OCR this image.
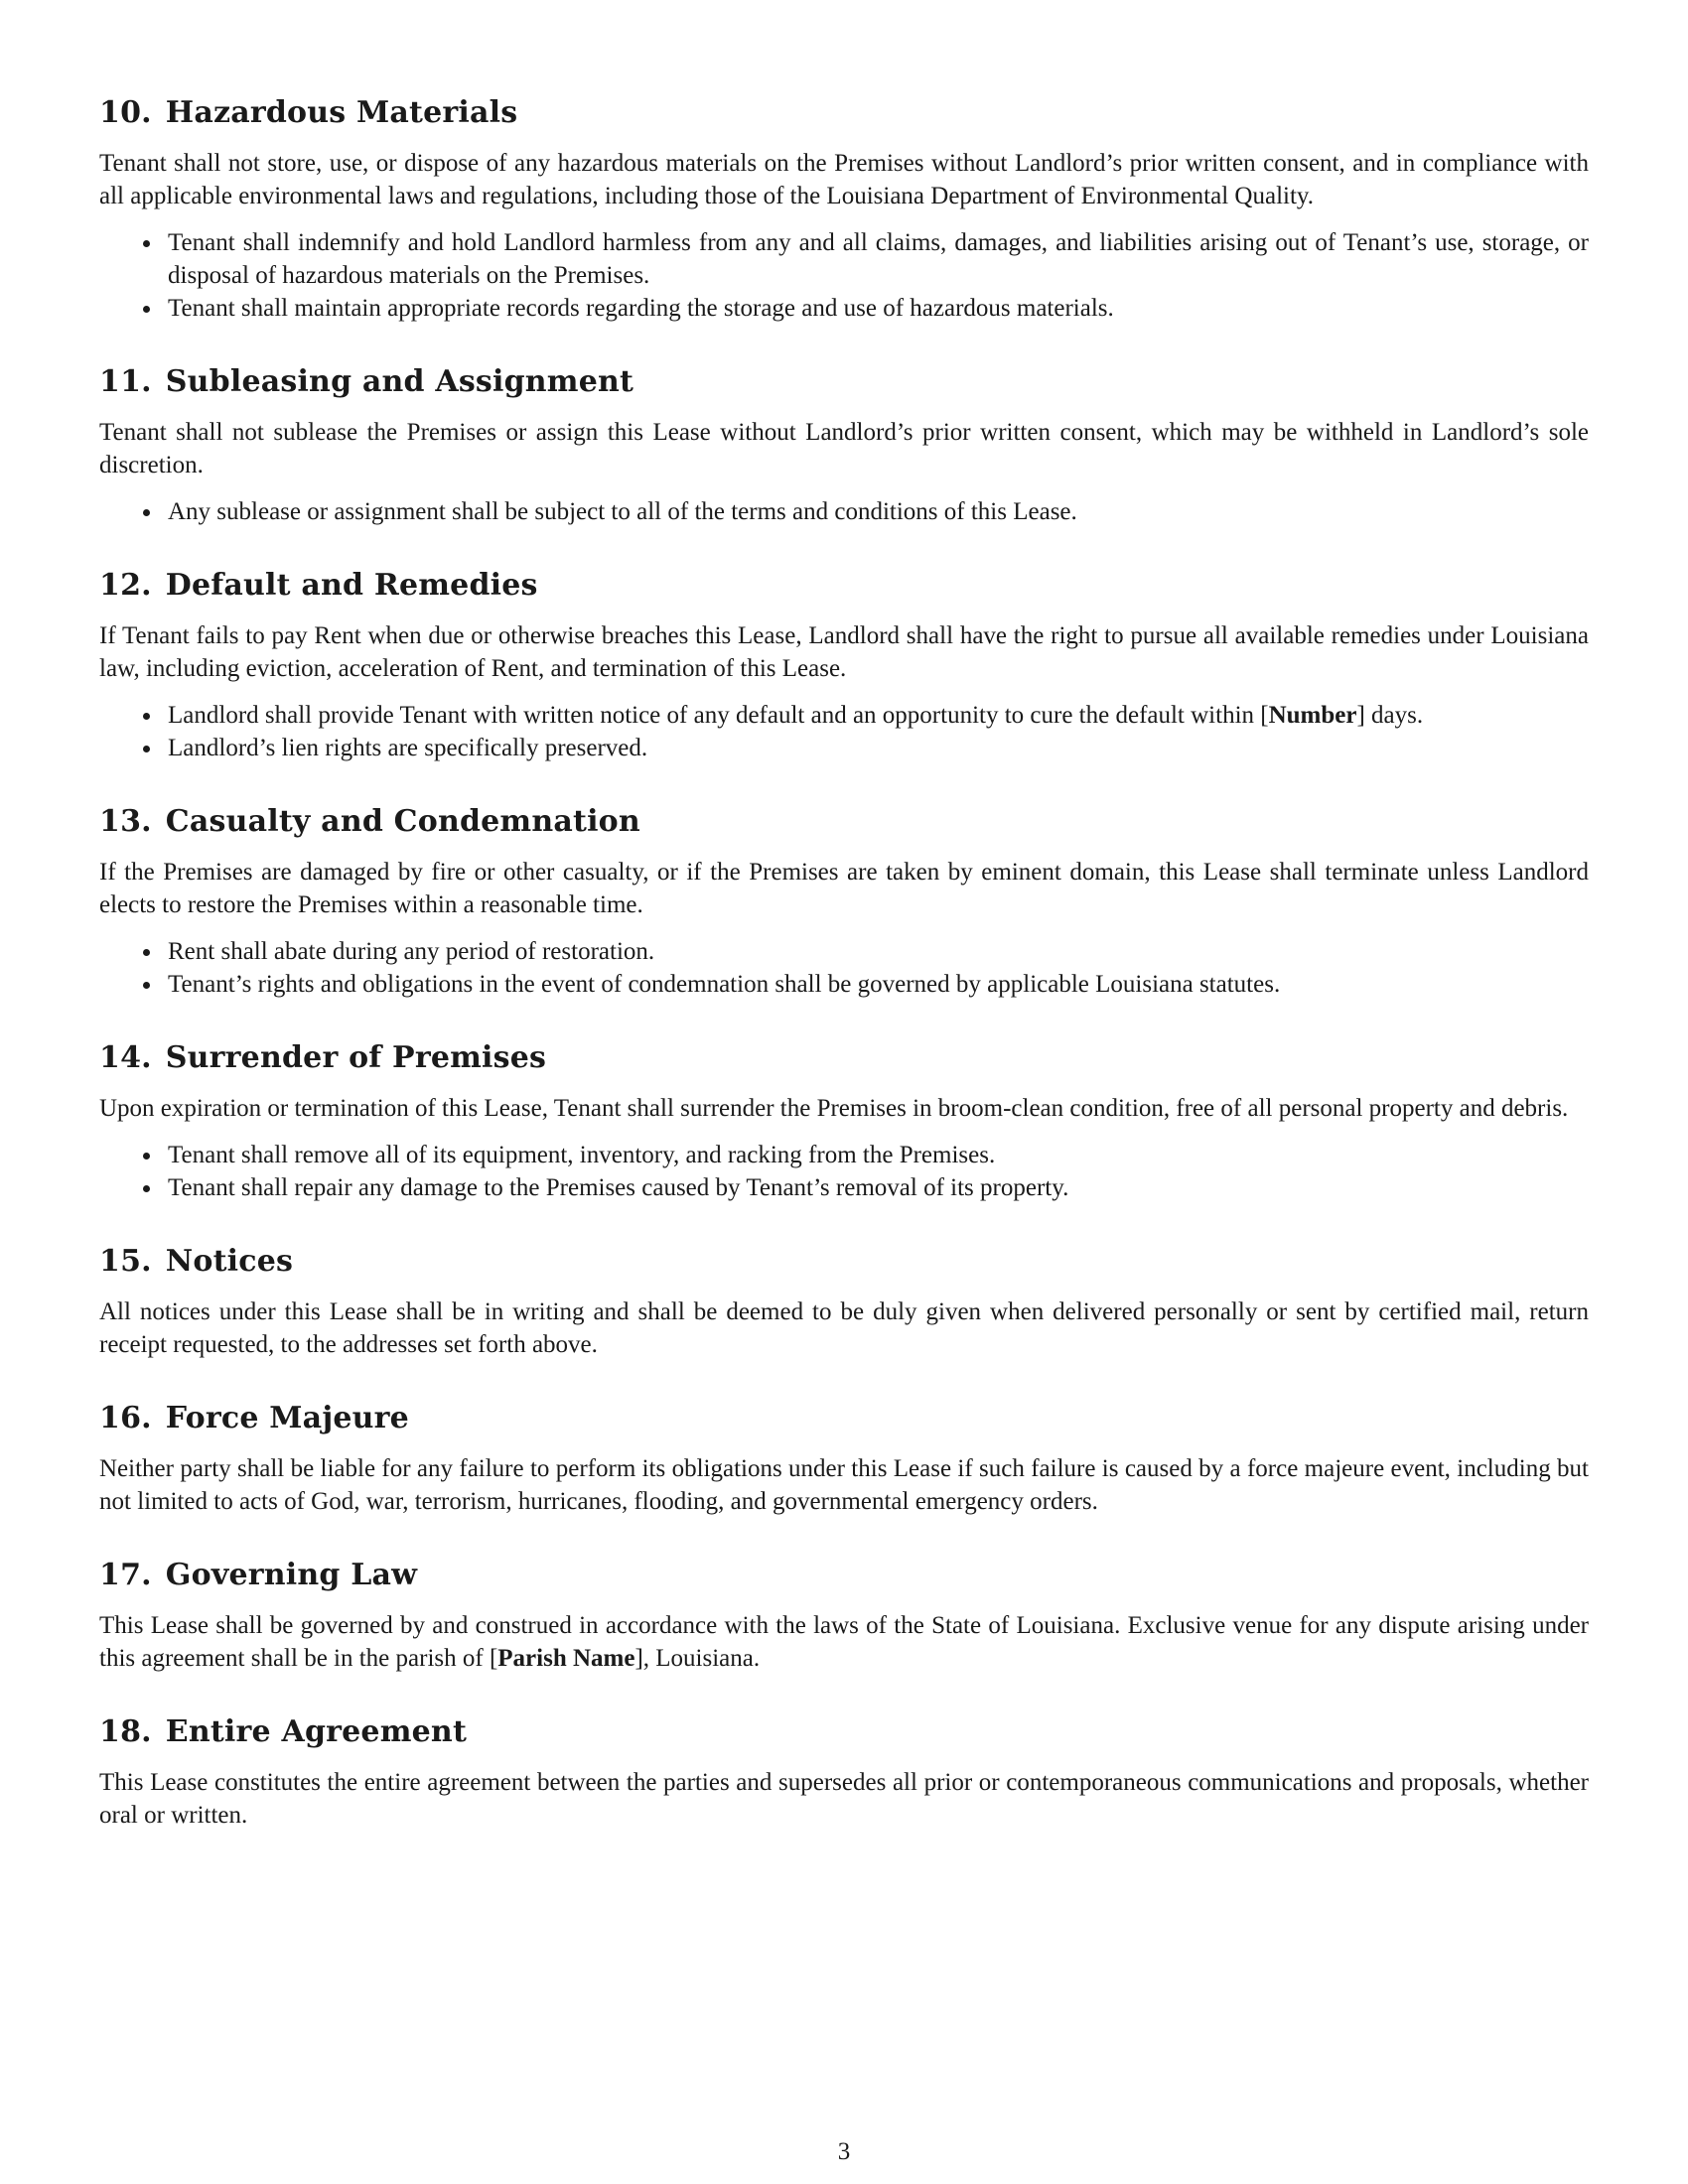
10. Hazardous Materials

Tenant shall not store, use, or dispose of any hazardous materials on the Premises without Landlord’s prior written consent, and in compliance with all applicable environmental laws and regulations, including those of the Louisiana Department of Environmental Quality.

Tenant shall indemnify and hold Landlord harmless from any and all claims, damages, and liabilities arising out of Tenant’s use, storage, or disposal of hazardous materials on the Premises.
Tenant shall maintain appropriate records regarding the storage and use of hazardous materials.
11. Subleasing and Assignment

Tenant shall not sublease the Premises or assign this Lease without Landlord’s prior written consent, which may be withheld in Landlord’s sole discretion.

Any sublease or assignment shall be subject to all of the terms and conditions of this Lease.
12. Default and Remedies

If Tenant fails to pay Rent when due or otherwise breaches this Lease, Landlord shall have the right to pursue all available remedies under Louisiana law, including eviction, acceleration of Rent, and termination of this Lease.

Landlord shall provide Tenant with written notice of any default and an opportunity to cure the default within [Number] days.
Landlord’s lien rights are specifically preserved.
13. Casualty and Condemnation

If the Premises are damaged by fire or other casualty, or if the Premises are taken by eminent domain, this Lease shall terminate unless Landlord elects to restore the Premises within a reasonable time.

Rent shall abate during any period of restoration.
Tenant’s rights and obligations in the event of condemnation shall be governed by applicable Louisiana statutes.
14. Surrender of Premises

Upon expiration or termination of this Lease, Tenant shall surrender the Premises in broom-clean condition, free of all personal property and debris.

Tenant shall remove all of its equipment, inventory, and racking from the Premises.
Tenant shall repair any damage to the Premises caused by Tenant’s removal of its property.
15. Notices

All notices under this Lease shall be in writing and shall be deemed to be duly given when delivered personally or sent by certified mail, return receipt requested, to the addresses set forth above.

16. Force Majeure

Neither party shall be liable for any failure to perform its obligations under this Lease if such failure is caused by a force majeure event, including but not limited to acts of God, war, terrorism, hurricanes, flooding, and governmental emergency orders.

17. Governing Law

This Lease shall be governed by and construed in accordance with the laws of the State of Louisiana. Exclusive venue for any dispute arising under this agreement shall be in the parish of [Parish Name], Louisiana.

18. Entire Agreement

This Lease constitutes the entire agreement between the parties and supersedes all prior or contemporaneous communications and proposals, whether oral or written.

3
